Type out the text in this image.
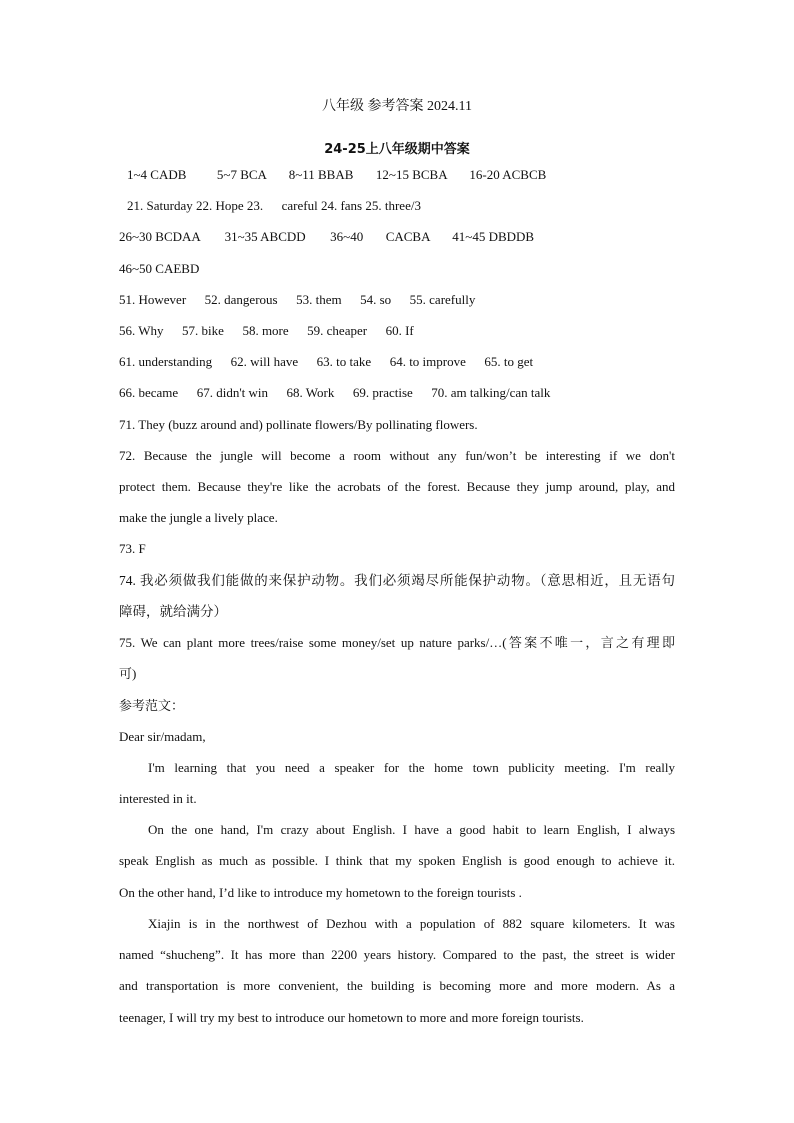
八年级 参考答案 2024.11
24-25上八年级期中答案
1~4 CADB 5~7 BCA 8~11 BBAB 12~15 BCBA 16-20 ACBCB
21. Saturday 22. Hope 23. careful 24. fans 25. three/3
26~30 BCDAA 31~35 ABCDD 36~40 CACBA 41~45 DBDDB
46~50 CAEBD
51. However 52. dangerous 53. them 54. so 55. carefully
56. Why 57. bike 58. more 59. cheaper 60. If
61. understanding 62. will have 63. to take 64. to improve 65. to get
66. became 67. didn't win 68. Work 69. practise 70. am talking/can talk
71. They (buzz around and) pollinate flowers/By pollinating flowers.
72. Because the jungle will become a room without any fun/won’t be interesting if we don't
protect them. Because they're like the acrobats of the forest. Because they jump around, play, and
make the jungle a lively place.
73. F
74. 我必须做我们能做的来保护动物。我们必须竭尽所能保护动物。（意思相近，且无语句
障碍，就给满分）
75. We can plant more trees/raise some money/set up nature parks/…(答案不唯一，言之有理即
可)
参考范文：
Dear sir/madam,
I'm learning that you need a speaker for the home town publicity meeting. I'm really
interested in it.
On the one hand, I'm crazy about English. I have a good habit to learn English, I always
speak English as much as possible. I think that my spoken English is good enough to achieve it.
On the other hand, I’d like to introduce my hometown to the foreign tourists .
Xiajin is in the northwest of Dezhou with a population of 882 square kilometers. It was
named “shucheng”. It has more than 2200 years history. Compared to the past, the street is wider
and transportation is more convenient, the building is becoming more and more modern. As a
teenager, I will try my best to introduce our hometown to more and more foreign tourists.
